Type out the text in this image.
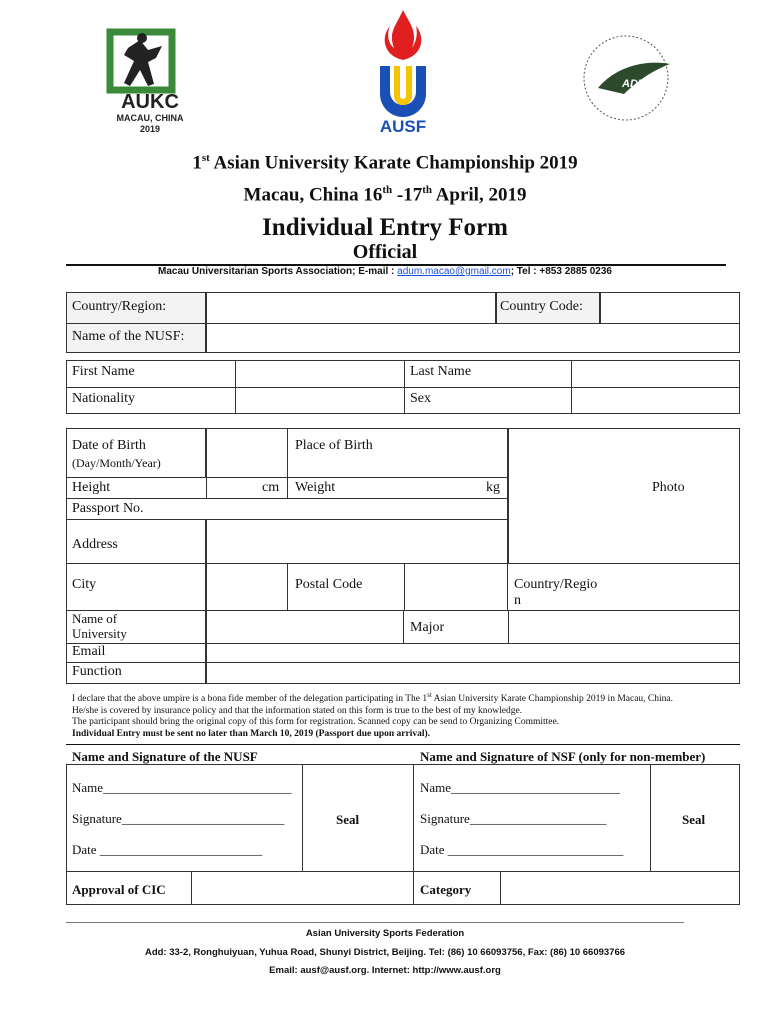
AUKC
MACAU, CHINA
2019	AUSF
ADUM
1st Asian University Karate Championship 2019
Macau, China 16th -17th April, 2019
Individual Entry Form
Official
Macau Universitarian Sports Association; E-mail : adum.macao@gmail.com; Tel : +853 2885 0236
Country/Region:	Country Code:
Name of the NUSF:
First Name	Last Name
Nationality	Sex
Date of Birth
(Day/Month/Year)
Place of Birth
Photo
Height	cm Weight	kg
Passport No.
Address
City	Postal Code	Country/Regio
n
Name of
University	Major
Email
Function
I declare that the above umpire is a bona fide member of the delegation participating in The 1st Asian University Karate Championship 2019 in Macau, China.
He/she is covered by insurance policy and that the information stated on this form is true to the best of my knowledge.
The participant should bring the original copy of this form for registration. Scanned copy can be send to Organizing Committee.
Individual Entry must be sent no later than March 10, 2019 (Passport due upon arrival).
Name and Signature of the NUSF	Name and Signature of NSF (only for non-member)
Name_____________________________
Signature_________________________
Date _________________________
Seal
Name__________________________
Signature_____________________
Date ___________________________
Seal
Approval of CIC	Category
Asian University Sports Federation
Add: 33-2, Ronghuiyuan, Yuhua Road, Shunyi District, Beijing. Tel: (86) 10 66093756, Fax: (86) 10 66093766
Email: ausf@ausf.org. Internet: http://www.ausf.org
